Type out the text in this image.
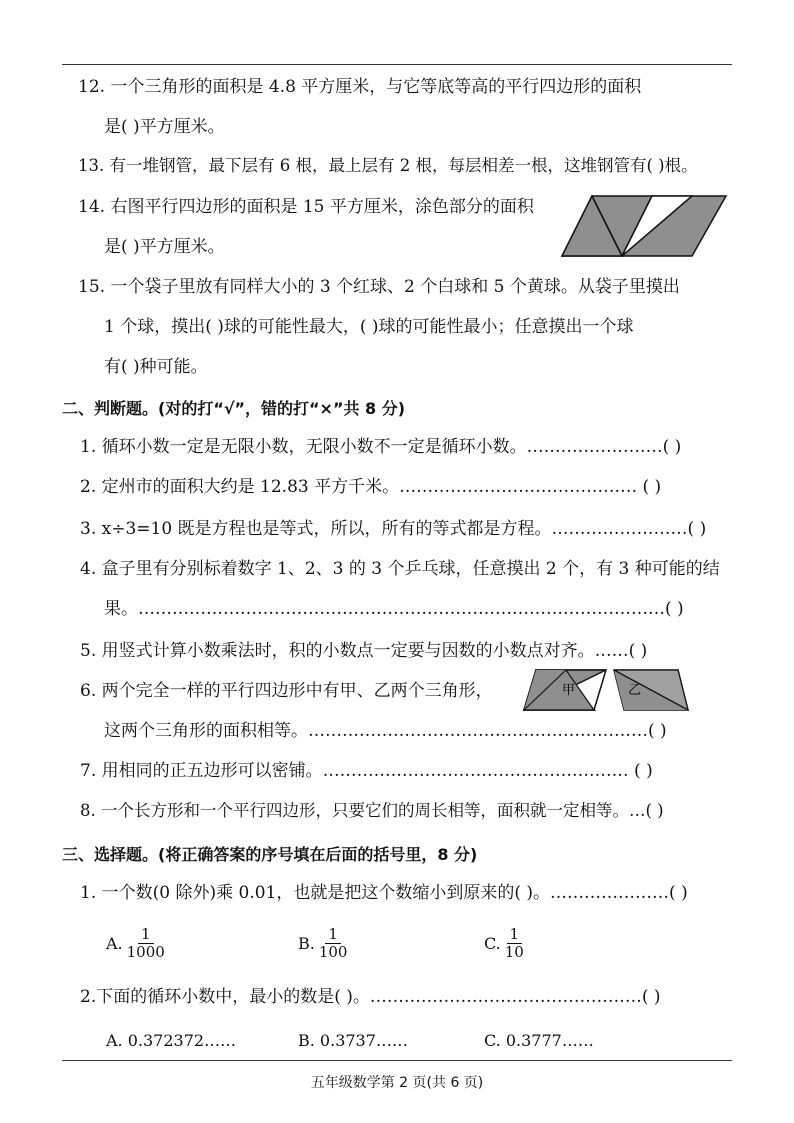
12. 一个三角形的面积是 4.8 平方厘米，与它等底等高的平行四边形的面积
是( )平方厘米。
13. 有一堆钢管，最下层有 6 根，最上层有 2 根，每层相差一根，这堆钢管有( )根。
14. 右图平行四边形的面积是 15 平方厘米，涂色部分的面积
是( )平方厘米。
15. 一个袋子里放有同样大小的 3 个红球、2 个白球和 5 个黄球。从袋子里摸出
1 个球，摸出( )球的可能性最大，( )球的可能性最小；任意摸出一个球
有( )种可能。
二、判断题。(对的打“√”，错的打“×”共 8 分)
1. 循环小数一定是无限小数，无限小数不一定是循环小数。……………………( )
2. 定州市的面积大约是 12.83 平方千米。…………………………………… ( )
3. x÷3=10 既是方程也是等式，所以，所有的等式都是方程。……………………( )
4. 盒子里有分别标着数字 1、2、3 的 3 个乒乓球，任意摸出 2 个，有 3 种可能的结
果。…………………………………………………………………………………( )
5. 用竖式计算小数乘法时，积的小数点一定要与因数的小数点对齐。……( )
6. 两个完全一样的平行四边形中有甲、乙两个三角形，
这两个三角形的面积相等。……………………………………………………( )
甲	乙
7. 用相同的正五边形可以密铺。……………………………………………… ( )
8. 一个长方形和一个平行四边形，只要它们的周长相等，面积就一定相等。…( )
三、选择题。(将正确答案的序号填在后面的括号里，8 分)
1. 一个数(0 除外)乘 0.01，也就是把这个数缩小到原来的( )。…………………( )
A. $\frac{1}{1000}$	B. $\frac{1}{100}$	C. $\frac{1}{10}$
2.下面的循环小数中，最小的数是( )。…………………………………………( )
A. 0.372372……	B. 0.3737……	C. 0.3777……
五年级数学第 2 页(共 6 页)
